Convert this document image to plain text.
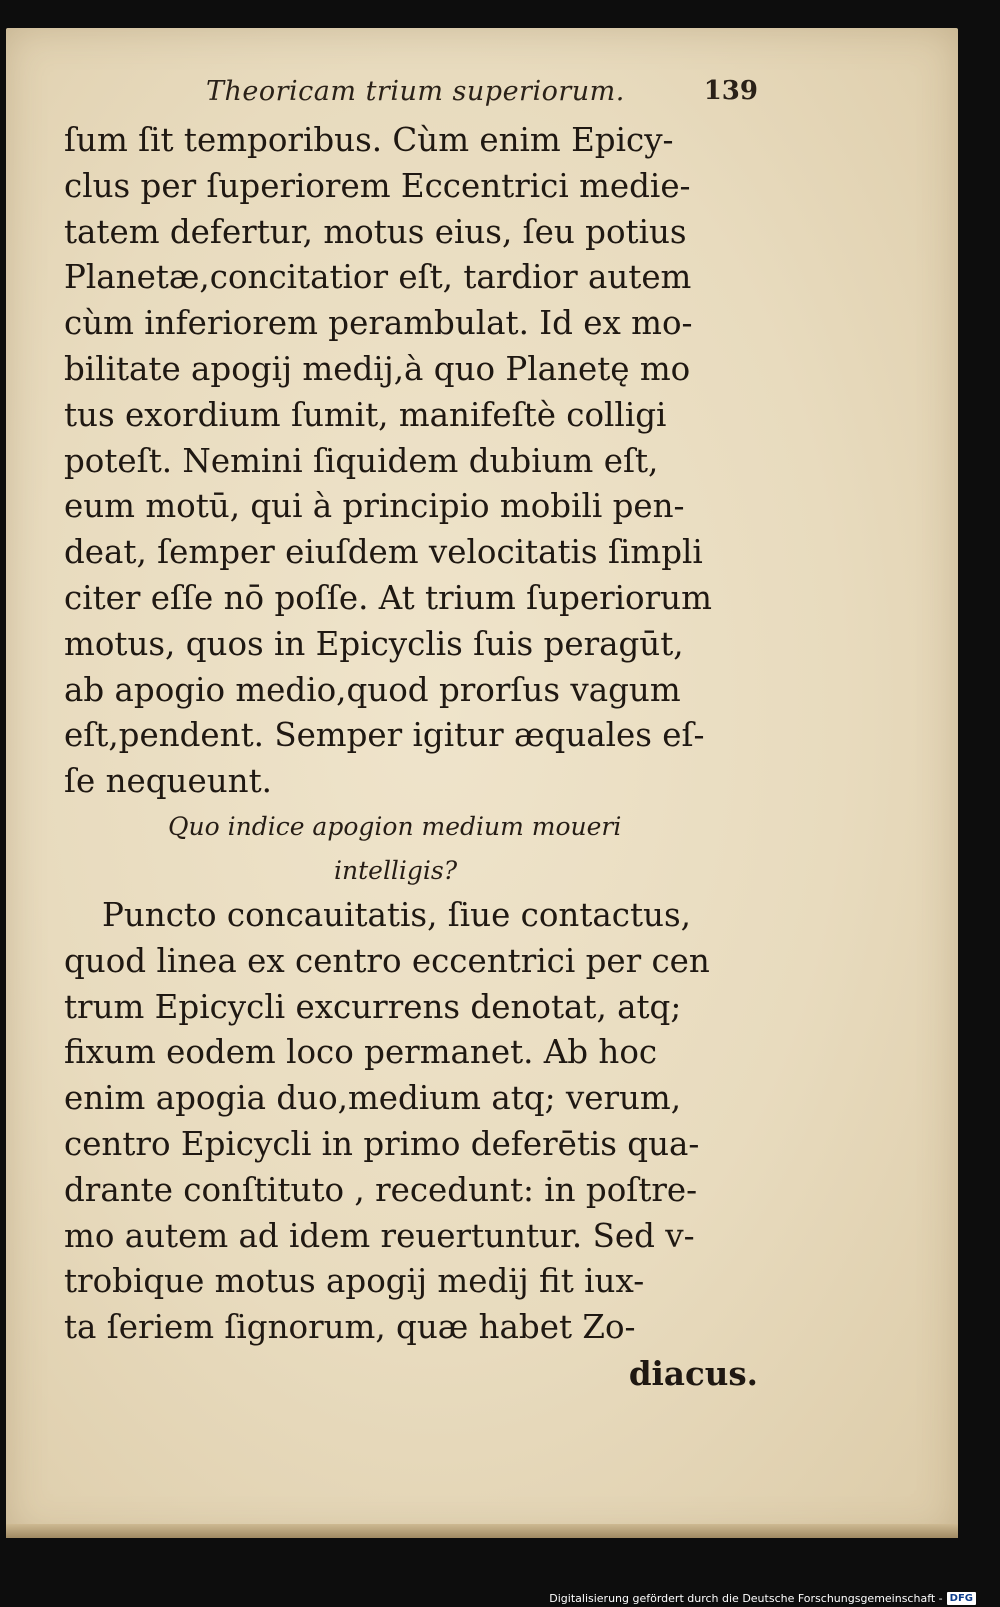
Theoricam trium superiorum.	139
ſum ſit temporibus. Cùm enim Epicy-
clus per ſuperiorem Eccentrici medie-
tatem defertur, motus eius, ſeu potius
Planetæ,concitatior eſt, tardior autem
cùm inferiorem perambulat. Id ex mo-
bilitate apogij medij,à quo Planetę mo
tus exordium ſumit, manifeſtè colligi
poteſt. Nemini ſiquidem dubium eſt,
eum motū, qui à principio mobili pen-
deat, ſemper eiuſdem velocitatis ſimpli
citer eſſe nō poſſe. At trium ſuperiorum
motus, quos in Epicyclis ſuis peragūt,
ab apogio medio,quod prorſus vagum
eſt,pendent. Semper igitur æquales eſ-
ſe nequeunt.
Quo indice apogion medium moueri
intelligis?
Puncto concauitatis, ſiue contactus,
quod linea ex centro eccentrici per cen
trum Epicycli excurrens denotat, atq;
fixum eodem loco permanet. Ab hoc
enim apogia duo,medium atq; verum,
centro Epicycli in primo deferētis qua-
drante conſtituto , recedunt: in poſtre-
mo autem ad idem reuertuntur. Sed v-
trobique motus apogij medij fit iux-
ta ſeriem ſignorum, quæ habet Zo-
diacus.
Digitalisierung gefördert durch die Deutsche Forschungsgemeinschaft - DFG
